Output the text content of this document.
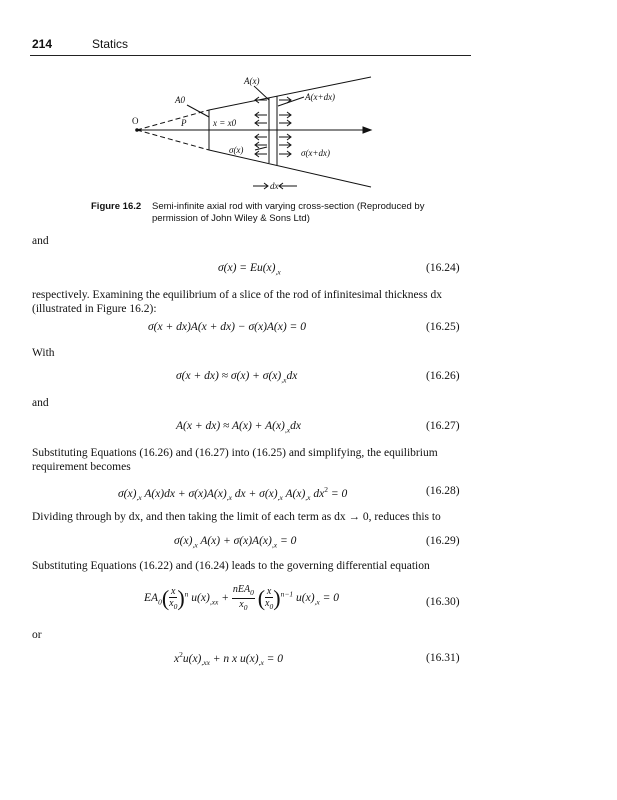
214	Statics
A(x)
A(x+dx)
A0
O	P	x = x0
σ(x)	σ(x+dx)
dx
Figure 16.2 Semi-infinite axial rod with varying cross-section (Reproduced by permission of John Wiley & Sons Ltd)
and
$\sigma(x) = Eu(x)_{,x}$	(16.24)
respectively. Examining the equilibrium of a slice of the rod of infinitesimal thickness dx (illustrated in Figure 16.2):
σ(x + dx)A(x + dx) − σ(x)A(x) = 0	(16.25)
With
$\sigma(x + dx) \approx \sigma(x) + \sigma(x)_{,x}dx$	(16.26)
and
$A(x + dx) \approx A(x) + A(x)_{,x}dx$	(16.27)
Substituting Equations (16.26) and (16.27) into (16.25) and simplifying, the equilibrium requirement becomes
$\sigma(x)_{,x}$ $A(x)dx + \sigma(x)A(x)_{,x}$ dx + $\sigma(x)_{,x}$ $A(x)_{,x}$ $dx^2 = 0$	(16.28)
Dividing through by dx, and then taking the limit of each term as dx → 0, reduces this to
$\sigma(x)_{,x}$ $A(x) + \sigma(x)A(x)_{,x} = 0$	(16.29)
Substituting Equations (16.22) and (16.24) leads to the governing differential equation
$EA_0( \frac{x}{x_0} )^n$ $u(x)_{,xx} + \frac{nEA_0}{x_0}$ ( $\frac{x}{x_0} )^{n-1}$ $u(x)_{,x} = 0$	(16.30)
or
$x^2u(x)_{,xx} + n$ x $u(x)_{,x} = 0$	(16.31)
